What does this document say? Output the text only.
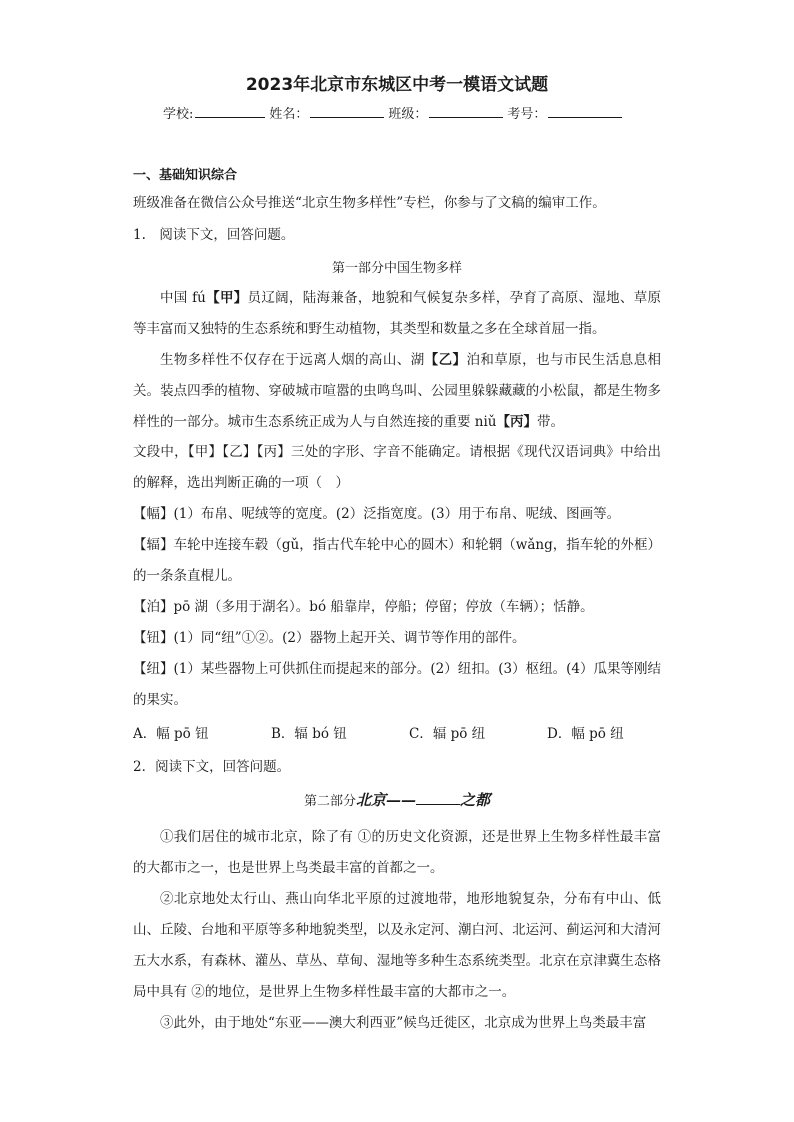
2023年北京市东城区中考一模语文试题
学校:	姓名：	班级：	考号：
一、基础知识综合
班级准备在微信公众号推送“北京生物多样性”专栏，你参与了文稿的编审工作。
1.　阅读下文，回答问题。
第一部分中国生物多样
中国 fú【甲】员辽阔，陆海兼备，地貌和气候复杂多样，孕育了高原、湿地、草原等丰富而又独特的生态系统和野生动植物，其类型和数量之多在全球首屈一指。
生物多样性不仅存在于远离人烟的高山、湖【乙】泊和草原，也与市民生活息息相关。装点四季的植物、穿破城市喧嚣的虫鸣鸟叫、公园里躲躲藏藏的小松鼠，都是生物多样性的一部分。城市生态系统正成为人与自然连接的重要 niǔ【丙】带。
文段中，【甲】【乙】【丙】三处的字形、字音不能确定。请根据《现代汉语词典》中给出的解释，选出判断正确的一项（　）
【幅】(1）布帛、呢绒等的宽度。(2）泛指宽度。(3）用于布帛、呢绒、图画等。
【辐】车轮中连接车毂（gǔ，指古代车轮中心的圆木）和轮辋（wǎng，指车轮的外框）的一条条直棍儿。
【泊】pō 湖（多用于湖名）。bó 船靠岸，停船；停留；停放（车辆）；恬静。
【钮】(1）同“纽”①②。(2）器物上起开关、调节等作用的部件。
【纽】(1）某些器物上可供抓住而提起来的部分。(2）纽扣。(3）枢纽。(4）瓜果等刚结的果实。
A．幅 pō 钮	B．辐 bó 钮	C．辐 pō 纽	D．幅 pō 纽
2．阅读下文，回答问题。
第二部分北京——	之都
①我们居住的城市北京，除了有 ①的历史文化资源，还是世界上生物多样性最丰富的大都市之一，也是世界上鸟类最丰富的首都之一。
②北京地处太行山、燕山向华北平原的过渡地带，地形地貌复杂，分布有中山、低山、丘陵、台地和平原等多种地貌类型，以及永定河、潮白河、北运河、蓟运河和大清河五大水系，有森林、灌丛、草丛、草甸、湿地等多种生态系统类型。北京在京津冀生态格局中具有 ②的地位，是世界上生物多样性最丰富的大都市之一。
③此外，由于地处“东亚——澳大利西亚”候鸟迁徙区，北京成为世界上鸟类最丰富
